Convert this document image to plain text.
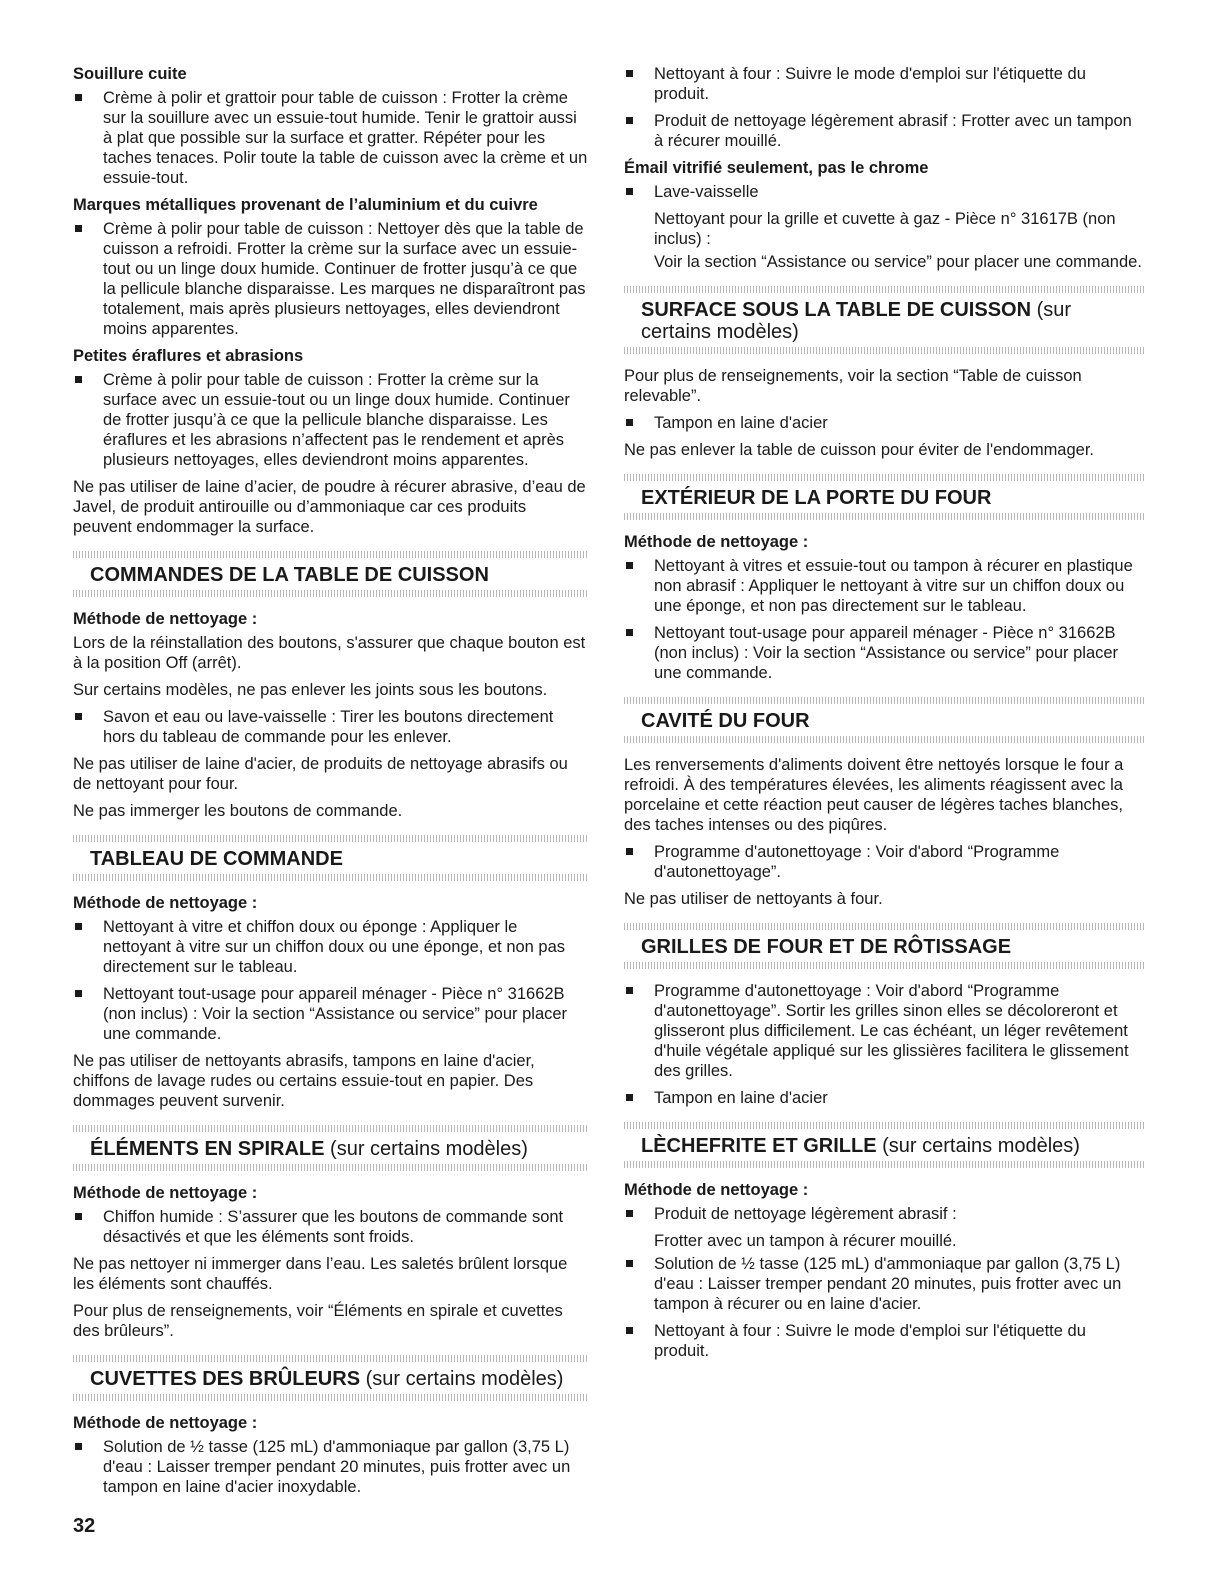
Souillure cuite
Crème à polir et grattoir pour table de cuisson : Frotter la crème sur la souillure avec un essuie-tout humide. Tenir le grattoir aussi à plat que possible sur la surface et gratter. Répéter pour les taches tenaces. Polir toute la table de cuisson avec la crème et un essuie-tout.
Marques métalliques provenant de l’aluminium et du cuivre
Crème à polir pour table de cuisson : Nettoyer dès que la table de cuisson a refroidi. Frotter la crème sur la surface avec un essuie-tout ou un linge doux humide. Continuer de frotter jusqu’à ce que la pellicule blanche disparaisse. Les marques ne disparaîtront pas totalement, mais après plusieurs nettoyages, elles deviendront moins apparentes.
Petites éraflures et abrasions
Crème à polir pour table de cuisson : Frotter la crème sur la surface avec un essuie-tout ou un linge doux humide. Continuer de frotter jusqu’à ce que la pellicule blanche disparaisse. Les éraflures et les abrasions n’affectent pas le rendement et après plusieurs nettoyages, elles deviendront moins apparentes.
Ne pas utiliser de laine d’acier, de poudre à récurer abrasive, d’eau de Javel, de produit antirouille ou d’ammoniaque car ces produits peuvent endommager la surface.
COMMANDES DE LA TABLE DE CUISSON
Méthode de nettoyage :
Lors de la réinstallation des boutons, s'assurer que chaque bouton est à la position Off (arrêt).
Sur certains modèles, ne pas enlever les joints sous les boutons.
Savon et eau ou lave-vaisselle : Tirer les boutons directement hors du tableau de commande pour les enlever.
Ne pas utiliser de laine d'acier, de produits de nettoyage abrasifs ou de nettoyant pour four.
Ne pas immerger les boutons de commande.
TABLEAU DE COMMANDE
Méthode de nettoyage :
Nettoyant à vitre et chiffon doux ou éponge : Appliquer le nettoyant à vitre sur un chiffon doux ou une éponge, et non pas directement sur le tableau.
Nettoyant tout-usage pour appareil ménager - Pièce n° 31662B (non inclus) : Voir la section “Assistance ou service” pour placer une commande.
Ne pas utiliser de nettoyants abrasifs, tampons en laine d'acier, chiffons de lavage rudes ou certains essuie-tout en papier. Des dommages peuvent survenir.
ÉLÉMENTS EN SPIRALE (sur certains modèles)
Méthode de nettoyage :
Chiffon humide : S’assurer que les boutons de commande sont désactivés et que les éléments sont froids.
Ne pas nettoyer ni immerger dans l’eau. Les saletés brûlent lorsque les éléments sont chauffés.
Pour plus de renseignements, voir “Éléments en spirale et cuvettes des brûleurs”.
CUVETTES DES BRÛLEURS (sur certains modèles)
Méthode de nettoyage :
Solution de ½ tasse (125 mL) d'ammoniaque par gallon (3,75 L) d'eau : Laisser tremper pendant 20 minutes, puis frotter avec un tampon en laine d'acier inoxydable.
Nettoyant à four : Suivre le mode d'emploi sur l'étiquette du produit.
Produit de nettoyage légèrement abrasif : Frotter avec un tampon à récurer mouillé.
Émail vitrifié seulement, pas le chrome
Lave-vaisselle
Nettoyant pour la grille et cuvette à gaz - Pièce n° 31617B (non inclus) :
Voir la section “Assistance ou service” pour placer une commande.
SURFACE SOUS LA TABLE DE CUISSON (sur certains modèles)
Pour plus de renseignements, voir la section “Table de cuisson relevable”.
Tampon en laine d'acier
Ne pas enlever la table de cuisson pour éviter de l'endommager.
EXTÉRIEUR DE LA PORTE DU FOUR
Méthode de nettoyage :
Nettoyant à vitres et essuie-tout ou tampon à récurer en plastique non abrasif : Appliquer le nettoyant à vitre sur un chiffon doux ou une éponge, et non pas directement sur le tableau.
Nettoyant tout-usage pour appareil ménager - Pièce n° 31662B (non inclus) : Voir la section “Assistance ou service” pour placer une commande.
CAVITÉ DU FOUR
Les renversements d'aliments doivent être nettoyés lorsque le four a refroidi. À des températures élevées, les aliments réagissent avec la porcelaine et cette réaction peut causer de légères taches blanches, des taches intenses ou des piqûres.
Programme d'autonettoyage : Voir d'abord “Programme d'autonettoyage”.
Ne pas utiliser de nettoyants à four.
GRILLES DE FOUR ET DE RÔTISSAGE
Programme d'autonettoyage : Voir d'abord “Programme d'autonettoyage”. Sortir les grilles sinon elles se décoloreront et glisseront plus difficilement. Le cas échéant, un léger revêtement d'huile végétale appliqué sur les glissières facilitera le glissement des grilles.
Tampon en laine d'acier
LÈCHEFRITE ET GRILLE (sur certains modèles)
Méthode de nettoyage :
Produit de nettoyage légèrement abrasif :
Frotter avec un tampon à récurer mouillé.
Solution de ½ tasse (125 mL) d'ammoniaque par gallon (3,75 L) d'eau : Laisser tremper pendant 20 minutes, puis frotter avec un tampon à récurer ou en laine d'acier.
Nettoyant à four : Suivre le mode d'emploi sur l'étiquette du produit.
32
